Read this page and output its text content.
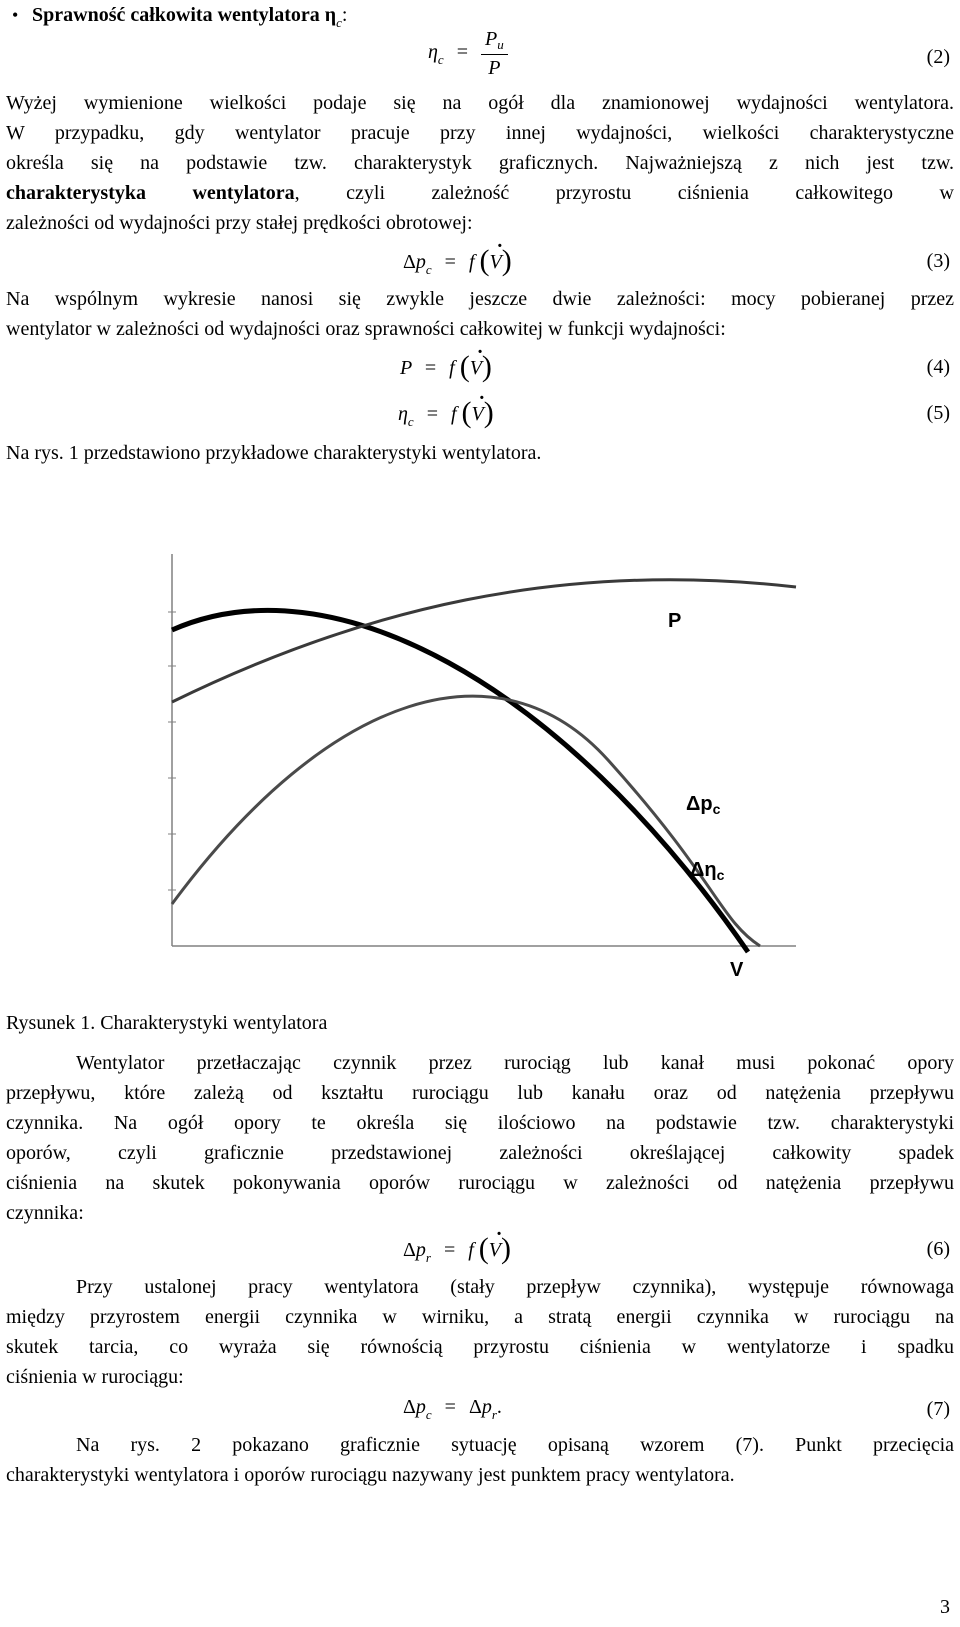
• Sprawność całkowita wentylatora $\eta_c$:
$\eta_c = \frac{P_u}{P}$	(2)
Wyżej wymienione wielkości podaje się na ogół dla znamionowej wydajności wentylatora.
W przypadku, gdy wentylator pracuje przy innej wydajności, wielkości charakterystyczne
określa się na podstawie tzw. charakterystyk graficznych. Najważniejszą z nich jest tzw.
charakterystyka wentylatora, czyli zależność przyrostu ciśnienia całkowitego w
zależności od wydajności przy stałej prędkości obrotowej:
$\Delta p_c = f$ (· V)	(3)
Na wspólnym wykresie nanosi się zwykle jeszcze dwie zależności: mocy pobieranej przez
wentylator w zależności od wydajności oraz sprawności całkowitej w funkcji wydajności:
P = f (· V)	(4)
$\eta_c = f$ (· V)	(5)
Na rys. 1 przedstawiono przykładowe charakterystyki wentylatora.
P
$\Delta p_c$
$\Delta\eta_c$
V
Rysunek 1. Charakterystyki wentylatora
Wentylator przetłaczając czynnik przez rurociąg lub kanał musi pokonać opory
przepływu, które zależą od kształtu rurociągu lub kanału oraz od natężenia przepływu
czynnika. Na ogół opory te określa się ilościowo na podstawie tzw. charakterystyki
oporów, czyli graficznie przedstawionej zależności określającej całkowity spadek
ciśnienia na skutek pokonywania oporów rurociągu w zależności od natężenia przepływu
czynnika:
$\Delta p_r = f$ (· V)	(6)
Przy ustalonej pracy wentylatora (stały przepływ czynnika), występuje równowaga
między przyrostem energii czynnika w wirniku, a stratą energii czynnika w rurociągu na
skutek tarcia, co wyraża się równością przyrostu ciśnienia w wentylatorze i spadku
ciśnienia w rurociągu:
$\Delta p_c = \Delta p_r$.	(7)
Na rys. 2 pokazano graficznie sytuację opisaną wzorem (7). Punkt przecięcia
charakterystyki wentylatora i oporów rurociągu nazywany jest punktem pracy wentylatora.
3
